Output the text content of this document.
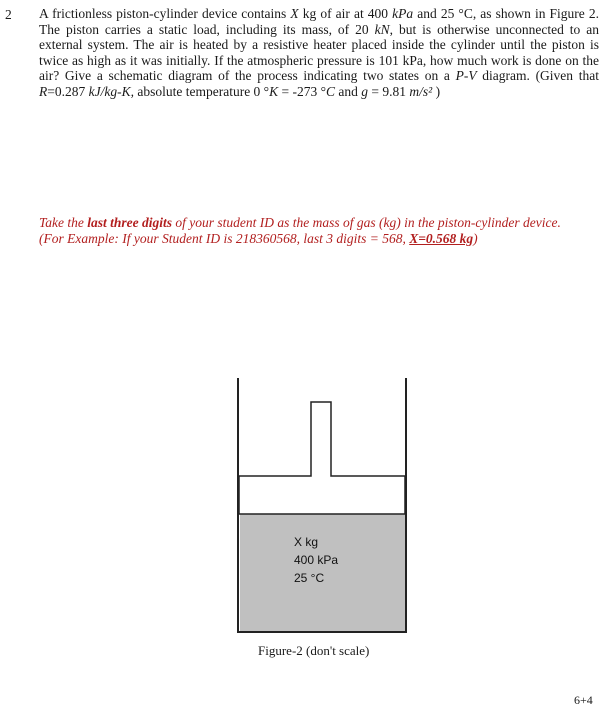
2 A frictionless piston-cylinder device contains X kg of air at 400 kPa and 25 °C, as shown in Figure 2. The piston carries a static load, including its mass, of 20 kN, but is otherwise unconnected to an external system. The air is heated by a resistive heater placed inside the cylinder until the piston is twice as high as it was initially. If the atmospheric pressure is 101 kPa, how much work is done on the air? Give a schematic diagram of the process indicating two states on a P-V diagram. (Given that R=0.287 kJ/kg-K, absolute temperature 0 °K = -273 °C and g = 9.81 m/s² )
Take the last three digits of your student ID as the mass of gas (kg) in the piston-cylinder device.
(For Example: If your Student ID is 218360568, last 3 digits = 568, X=0.568 kg)
X kg
400 kPa
25 °C
Figure-2 (don't scale)
6+4
